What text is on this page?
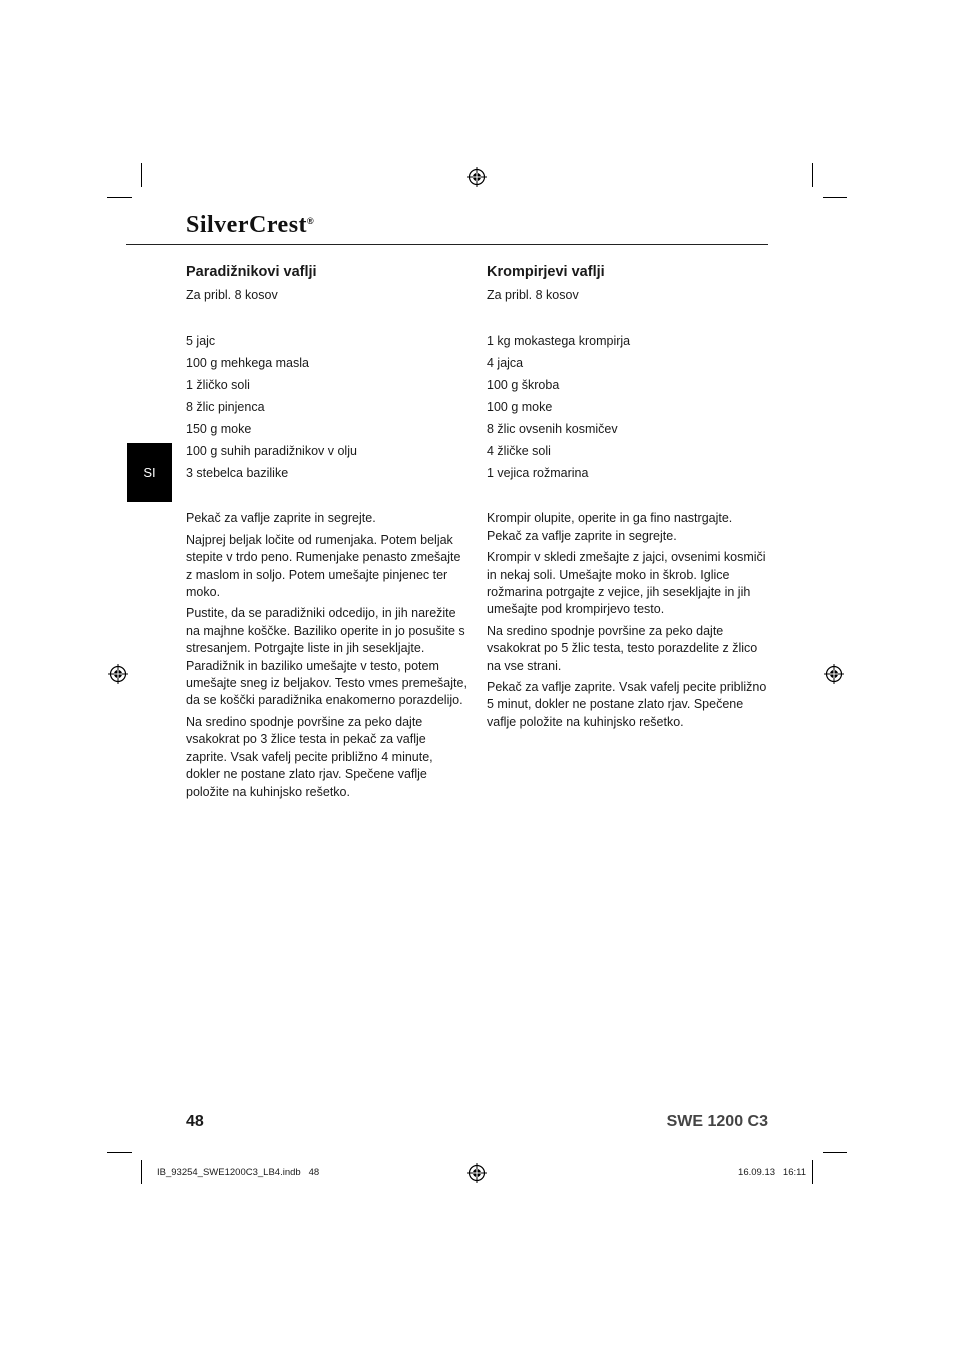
SilverCrest®
SI
Paradižnikovi vaflji

Za pribl. 8 kosov

5 jajc
100 g mehkega masla
1 žličko soli
8 žlic pinjenca
150 g moke
100 g suhih paradižnikov v olju
3 stebelca bazilike

Pekač za vaflje zaprite in segrejte.

Najprej beljak ločite od rumenjaka. Potem beljak stepite v trdo peno. Rumenjake penasto zmešajte z maslom in soljo. Potem umešajte pinjenec ter moko.

Pustite, da se paradižniki odcedijo, in jih narežite na majhne koščke. Baziliko operite in jo posušite s stresanjem. Potrgajte liste in jih sesekljajte. Paradižnik in baziliko umešajte v testo, potem umešajte sneg iz beljakov. Testo vmes premešajte, da se koščki paradižnika enakomerno porazdelijo.

Na sredino spodnje površine za peko dajte vsakokrat po 3 žlice testa in pekač za vaflje zaprite. Vsak vafelj pecite približno 4 minute, dokler ne postane zlato rjav. Spečene vaflje položite na kuhinjsko rešetko.

Krompirjevi vaflji

Za pribl. 8 kosov

1 kg mokastega krompirja
4 jajca
100 g škroba
100 g moke
8 žlic ovsenih kosmičev
4 žličke soli
1 vejica rožmarina

Krompir olupite, operite in ga fino nastrgajte. Pekač za vaflje zaprite in segrejte.

Krompir v skledi zmešajte z jajci, ovsenimi kosmiči in nekaj soli. Umešajte moko in škrob. Iglice rožmarina potrgajte z vejice, jih sesekljajte in jih umešajte pod krompirjevo testo.

Na sredino spodnje površine za peko dajte vsakokrat po 5 žlic testa, testo porazdelite z žlico na vse strani.

Pekač za vaflje zaprite. Vsak vafelj pecite približno 5 minut, dokler ne postane zlato rjav. Spečene vaflje položite na kuhinjsko rešetko.

48	SWE 1200 C3
IB_93254_SWE1200C3_LB4.indb   48	16.09.13   16:11
